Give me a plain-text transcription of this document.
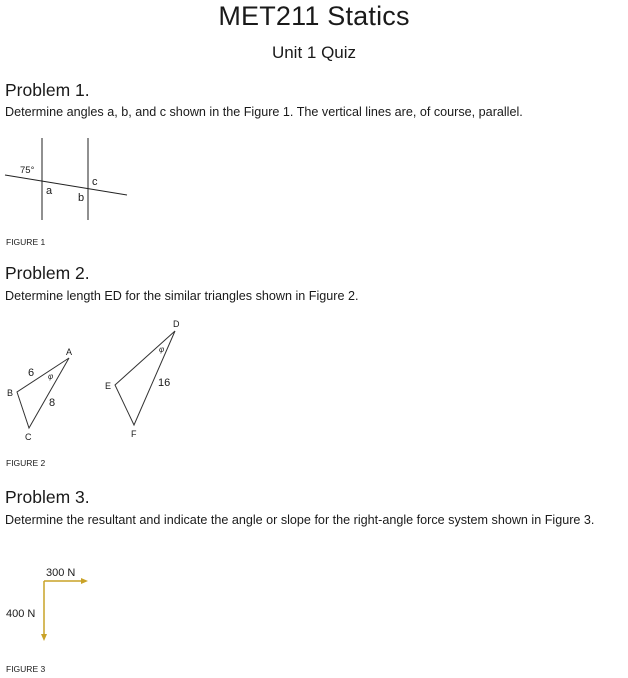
MET211 Statics
Unit 1 Quiz
Problem 1.
Determine angles a, b, and c shown in the Figure 1. The vertical lines are, of course, parallel.
75°
a
b
c
A
B
C
6
8
φ
D
E
F
16
φ
300 N
400 N
FIGURE 1
Problem 2.
Determine length ED for the similar triangles shown in Figure 2.
FIGURE 2
Problem 3.
Determine the resultant and indicate the angle or slope for the right-angle force system shown in Figure 3.
FIGURE 3
